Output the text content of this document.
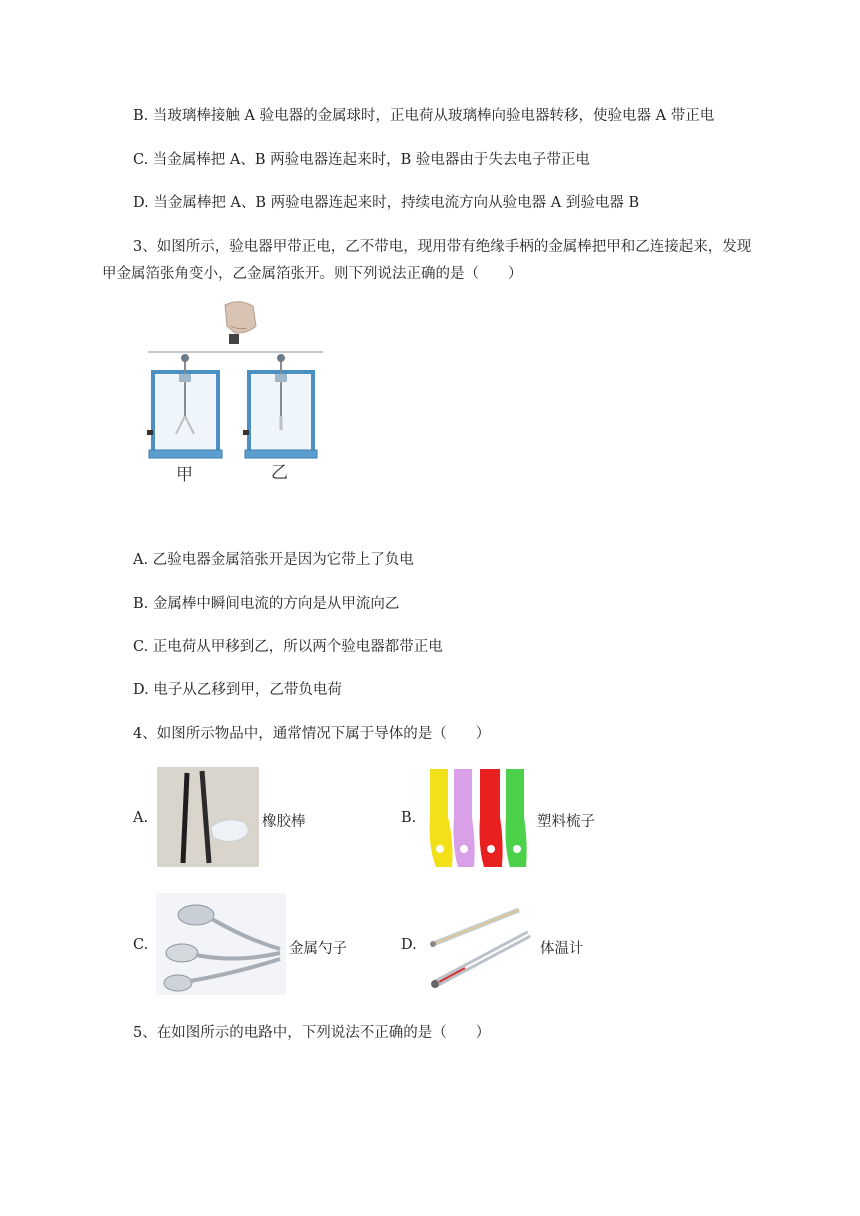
B. 当玻璃棒接触 A 验电器的金属球时，正电荷从玻璃棒向验电器转移，使验电器 A 带正电
C. 当金属棒把 A、B 两验电器连起来时，B 验电器由于失去电子带正电
D. 当金属棒把 A、B 两验电器连起来时，持续电流方向从验电器 A 到验电器 B
3、如图所示，验电器甲带正电，乙不带电，现用带有绝缘手柄的金属棒把甲和乙连接起来，发现
甲金属箔张角变小，乙金属箔张开。则下列说法正确的是（　　）
甲	乙
A. 乙验电器金属箔张开是因为它带上了负电
B. 金属棒中瞬间电流的方向是从甲流向乙
C. 正电荷从甲移到乙，所以两个验电器都带正电
D. 电子从乙移到甲，乙带负电荷
4、如图所示物品中，通常情况下属于导体的是（　　）
A.	橡胶棒	B.	塑料梳子
C.	金属勺子	D.	体温计
5、在如图所示的电路中，下列说法不正确的是（　　）
